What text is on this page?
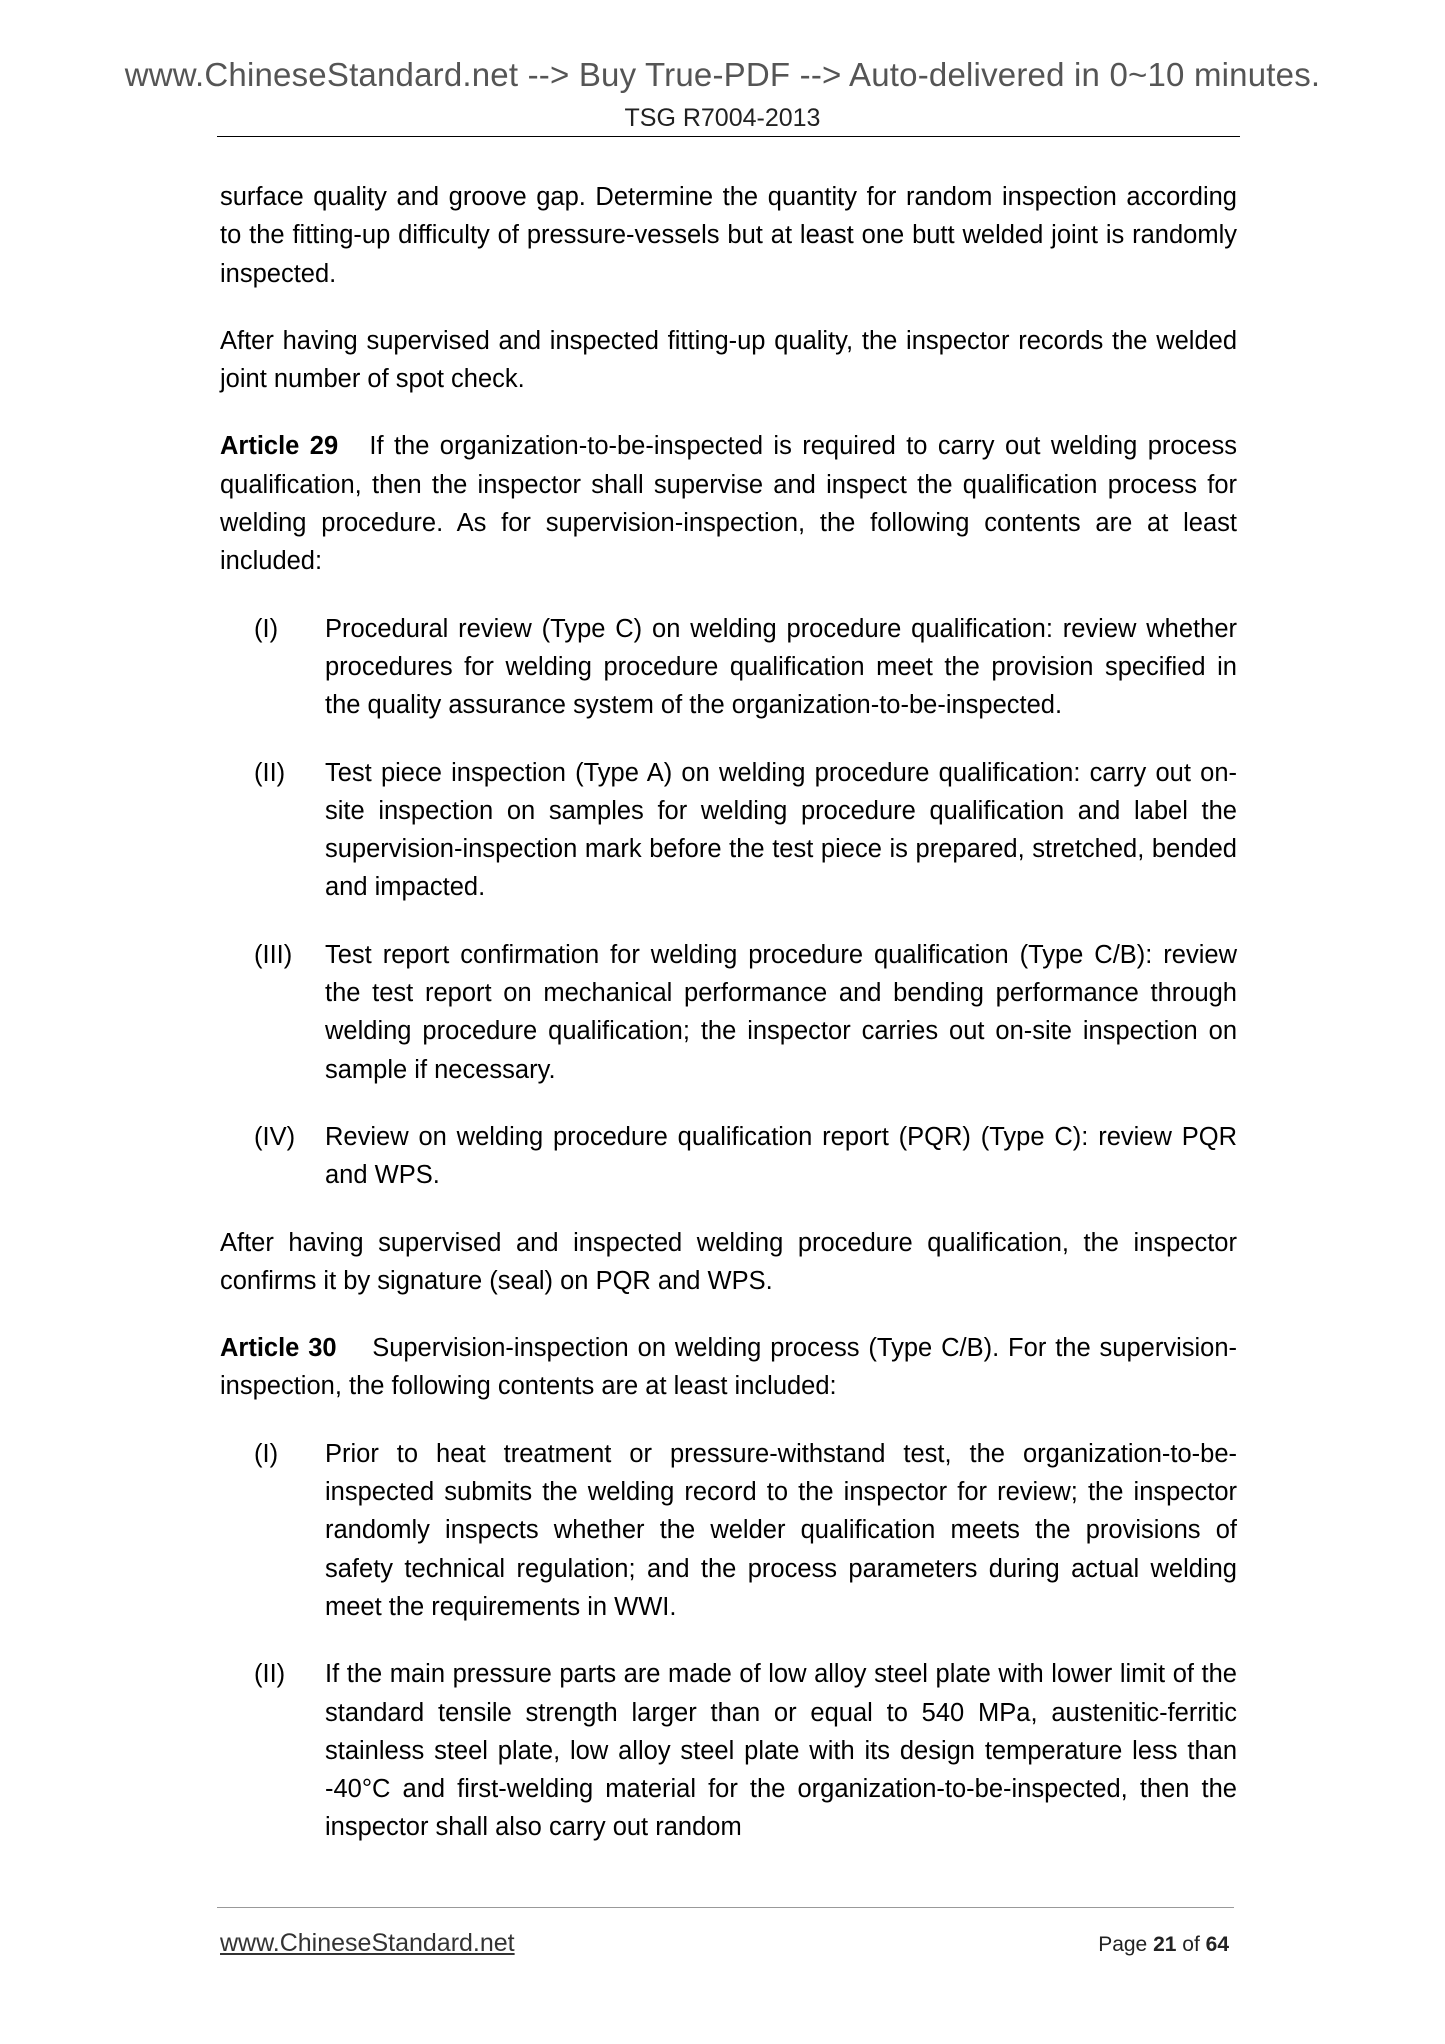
www.ChineseStandard.net --> Buy True-PDF --> Auto-delivered in 0~10 minutes.
TSG R7004-2013

surface quality and groove gap. Determine the quantity for random inspection according to the fitting-up difficulty of pressure-vessels but at least one butt welded joint is randomly inspected.

After having supervised and inspected fitting-up quality, the inspector records the welded joint number of spot check.

Article 29 If the organization-to-be-inspected is required to carry out welding process qualification, then the inspector shall supervise and inspect the qualification process for welding procedure. As for supervision-inspection, the following contents are at least included:

(I) Procedural review (Type C) on welding procedure qualification: review whether procedures for welding procedure qualification meet the provision specified in the quality assurance system of the organization-to-be-inspected.
(II) Test piece inspection (Type A) on welding procedure qualification: carry out on-site inspection on samples for welding procedure qualification and label the supervision-inspection mark before the test piece is prepared, stretched, bended and impacted.
(III) Test report confirmation for welding procedure qualification (Type C/B): review the test report on mechanical performance and bending performance through welding procedure qualification; the inspector carries out on-site inspection on sample if necessary.
(IV) Review on welding procedure qualification report (PQR) (Type C): review PQR and WPS.

After having supervised and inspected welding procedure qualification, the inspector confirms it by signature (seal) on PQR and WPS.

Article 30 Supervision-inspection on welding process (Type C/B). For the supervision-inspection, the following contents are at least included:

(I) Prior to heat treatment or pressure-withstand test, the organization-to-be-inspected submits the welding record to the inspector for review; the inspector randomly inspects whether the welder qualification meets the provisions of safety technical regulation; and the process parameters during actual welding meet the requirements in WWI.
(II) If the main pressure parts are made of low alloy steel plate with lower limit of the standard tensile strength larger than or equal to 540 MPa, austenitic-ferritic stainless steel plate, low alloy steel plate with its design temperature less than -40°C and first-welding material for the organization-to-be-inspected, then the inspector shall also carry out random
www.ChineseStandard.net	Page 21 of 64
